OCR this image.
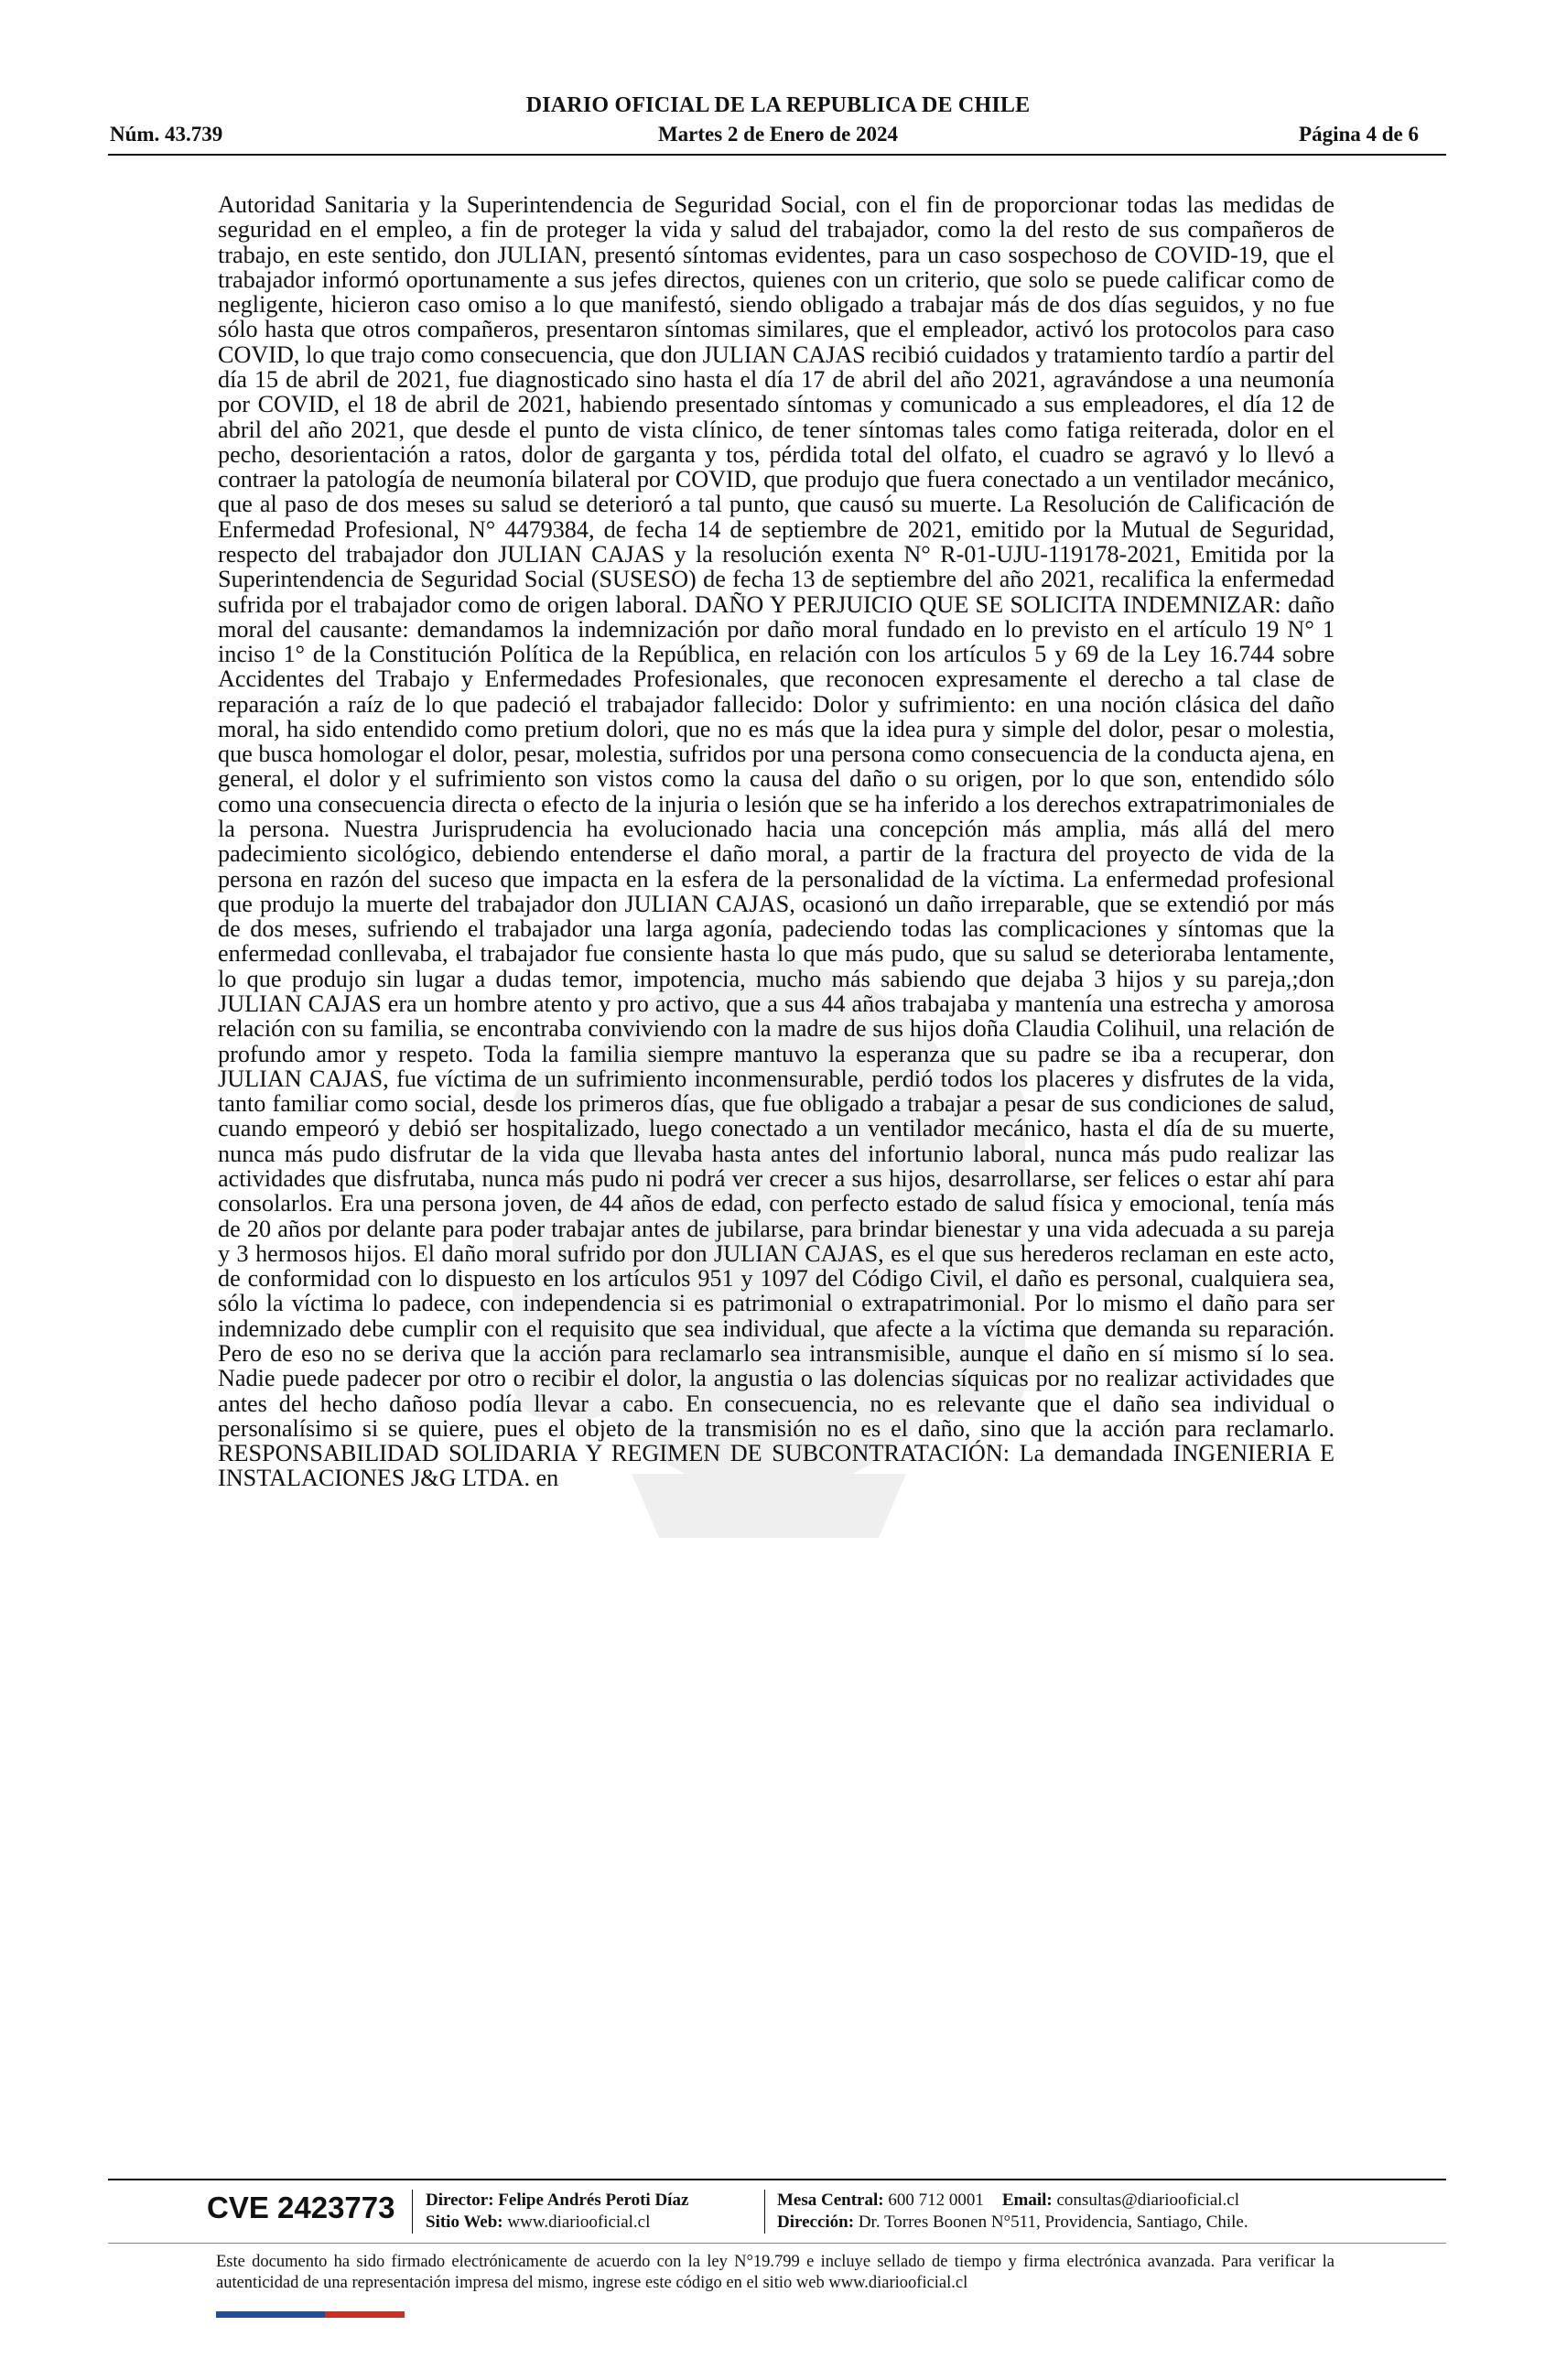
DIARIO OFICIAL DE LA REPUBLICA DE CHILE
Núm. 43.739	Martes 2 de Enero de 2024	Página 4 de 6

Autoridad Sanitaria y la Superintendencia de Seguridad Social, con el fin de proporcionar todas las medidas de seguridad en el empleo, a fin de proteger la vida y salud del trabajador, como la del resto de sus compañeros de trabajo, en este sentido, don JULIAN, presentó síntomas evidentes, para un caso sospechoso de COVID-19, que el trabajador informó oportunamente a sus jefes directos, quienes con un criterio, que solo se puede calificar como de negligente, hicieron caso omiso a lo que manifestó, siendo obligado a trabajar más de dos días seguidos, y no fue sólo hasta que otros compañeros, presentaron síntomas similares, que el empleador, activó los protocolos para caso COVID, lo que trajo como consecuencia, que don JULIAN CAJAS recibió cuidados y tratamiento tardío a partir del día 15 de abril de 2021, fue diagnosticado sino hasta el día 17 de abril del año 2021, agravándose a una neumonía por COVID, el 18 de abril de 2021, habiendo presentado síntomas y comunicado a sus empleadores, el día 12 de abril del año 2021, que desde el punto de vista clínico, de tener síntomas tales como fatiga reiterada, dolor en el pecho, desorientación a ratos, dolor de garganta y tos, pérdida total del olfato, el cuadro se agravó y lo llevó a contraer la patología de neumonía bilateral por COVID, que produjo que fuera conectado a un ventilador mecánico, que al paso de dos meses su salud se deterioró a tal punto, que causó su muerte. La Resolución de Calificación de Enfermedad Profesional, N° 4479384, de fecha 14 de septiembre de 2021, emitido por la Mutual de Seguridad, respecto del trabajador don JULIAN CAJAS y la resolución exenta N° R-01-UJU-119178-2021, Emitida por la Superintendencia de Seguridad Social (SUSESO) de fecha 13 de septiembre del año 2021, recalifica la enfermedad sufrida por el trabajador como de origen laboral. DAÑO Y PERJUICIO QUE SE SOLICITA INDEMNIZAR: daño moral del causante: demandamos la indemnización por daño moral fundado en lo previsto en el artículo 19 N° 1 inciso 1° de la Constitución Política de la República, en relación con los artículos 5 y 69 de la Ley 16.744 sobre Accidentes del Trabajo y Enfermedades Profesionales, que reconocen expresamente el derecho a tal clase de reparación a raíz de lo que padeció el trabajador fallecido: Dolor y sufrimiento: en una noción clásica del daño moral, ha sido entendido como pretium dolori, que no es más que la idea pura y simple del dolor, pesar o molestia, que busca homologar el dolor, pesar, molestia, sufridos por una persona como consecuencia de la conducta ajena, en general, el dolor y el sufrimiento son vistos como la causa del daño o su origen, por lo que son, entendido sólo como una consecuencia directa o efecto de la injuria o lesión que se ha inferido a los derechos extrapatrimoniales de la persona. Nuestra Jurisprudencia ha evolucionado hacia una concepción más amplia, más allá del mero padecimiento sicológico, debiendo entenderse el daño moral, a partir de la fractura del proyecto de vida de la persona en razón del suceso que impacta en la esfera de la personalidad de la víctima. La enfermedad profesional que produjo la muerte del trabajador don JULIAN CAJAS, ocasionó un daño irreparable, que se extendió por más de dos meses, sufriendo el trabajador una larga agonía, padeciendo todas las complicaciones y síntomas que la enfermedad conllevaba, el trabajador fue consiente hasta lo que más pudo, que su salud se deterioraba lentamente, lo que produjo sin lugar a dudas temor, impotencia, mucho más sabiendo que dejaba 3 hijos y su pareja,;don JULIAN CAJAS era un hombre atento y pro activo, que a sus 44 años trabajaba y mantenía una estrecha y amorosa relación con su familia, se encontraba conviviendo con la madre de sus hijos doña Claudia Colihuil, una relación de profundo amor y respeto. Toda la familia siempre mantuvo la esperanza que su padre se iba a recuperar, don JULIAN CAJAS, fue víctima de un sufrimiento inconmensurable, perdió todos los placeres y disfrutes de la vida, tanto familiar como social, desde los primeros días, que fue obligado a trabajar a pesar de sus condiciones de salud, cuando empeoró y debió ser hospitalizado, luego conectado a un ventilador mecánico, hasta el día de su muerte, nunca más pudo disfrutar de la vida que llevaba hasta antes del infortunio laboral, nunca más pudo realizar las actividades que disfrutaba, nunca más pudo ni podrá ver crecer a sus hijos, desarrollarse, ser felices o estar ahí para consolarlos. Era una persona joven, de 44 años de edad, con perfecto estado de salud física y emocional, tenía más de 20 años por delante para poder trabajar antes de jubilarse, para brindar bienestar y una vida adecuada a su pareja y 3 hermosos hijos. El daño moral sufrido por don JULIAN CAJAS, es el que sus herederos reclaman en este acto, de conformidad con lo dispuesto en los artículos 951 y 1097 del Código Civil, el daño es personal, cualquiera sea, sólo la víctima lo padece, con independencia si es patrimonial o extrapatrimonial. Por lo mismo el daño para ser indemnizado debe cumplir con el requisito que sea individual, que afecte a la víctima que demanda su reparación. Pero de eso no se deriva que la acción para reclamarlo sea intransmisible, aunque el daño en sí mismo sí lo sea. Nadie puede padecer por otro o recibir el dolor, la angustia o las dolencias síquicas por no realizar actividades que antes del hecho dañoso podía llevar a cabo. En consecuencia, no es relevante que el daño sea individual o personalísimo si se quiere, pues el objeto de la transmisión no es el daño, sino que la acción para reclamarlo. RESPONSABILIDAD SOLIDARIA Y REGIMEN DE SUBCONTRATACIÓN: La demandada INGENIERIA E INSTALACIONES J&G LTDA. en

CVE 2423773 Director: Felipe Andrés Peroti Díaz
Sitio Web: www.diariooficial.cl
Mesa Central: 600 712 0001 Email: consultas@diariooficial.cl
Dirección: Dr. Torres Boonen N°511, Providencia, Santiago, Chile.
Este documento ha sido firmado electrónicamente de acuerdo con la ley N°19.799 e incluye sellado de tiempo y firma electrónica avanzada. Para verificar la autenticidad de una representación impresa del mismo, ingrese este código en el sitio web www.diariooficial.cl
